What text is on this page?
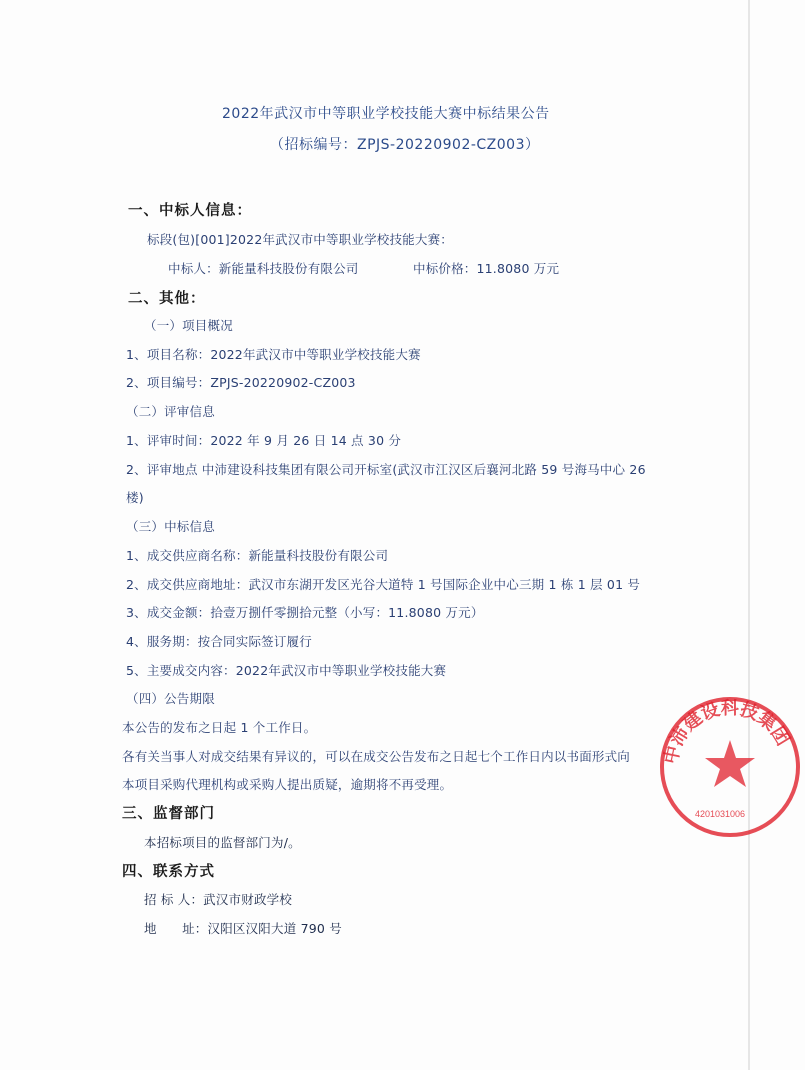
2022年武汉市中等职业学校技能大赛中标结果公告
（招标编号：ZPJS-20220902-CZ003）
一、中标人信息：
标段(包)[001]2022年武汉市中等职业学校技能大赛：
中标人：新能量科技股份有限公司	中标价格：11.8080 万元
二、其他：
（一）项目概况
1、项目名称：2022年武汉市中等职业学校技能大赛
2、项目编号：ZPJS-20220902-CZ003
（二）评审信息
1、评审时间：2022 年 9 月 26 日 14 点 30 分
2、评审地点 中沛建设科技集团有限公司开标室(武汉市江汉区后襄河北路 59 号海马中心 26
楼)
（三）中标信息
1、成交供应商名称：新能量科技股份有限公司
2、成交供应商地址：武汉市东湖开发区光谷大道特 1 号国际企业中心三期 1 栋 1 层 01 号
3、成交金额：拾壹万捌仟零捌拾元整（小写：11.8080 万元）
4、服务期：按合同实际签订履行
5、主要成交内容：2022年武汉市中等职业学校技能大赛
（四）公告期限
本公告的发布之日起 1 个工作日。
各有关当事人对成交结果有异议的，可以在成交公告发布之日起七个工作日内以书面形式向
本项目采购代理机构或采购人提出质疑，逾期将不再受理。
三、监督部门
本招标项目的监督部门为/。
四、联系方式
招 标 人：武汉市财政学校
地　　址：汉阳区汉阳大道 790 号
中沛建设科技集团
4201031006
